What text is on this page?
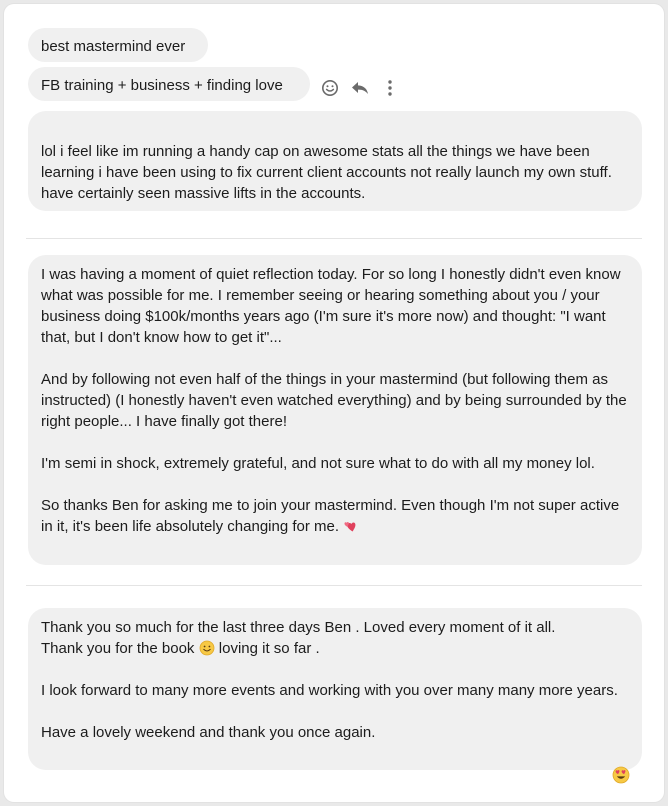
best mastermind ever
FB training + business + finding love

lol i feel like im running a handy cap on awesome stats all the things we have been learning i have been using to fix current client accounts not really launch my own stuff.
have certainly seen massive lifts in the accounts.

I was having a moment of quiet reflection today. For so long I honestly didn't even know what was possible for me. I remember seeing or hearing something about you / your business doing $100k/months years ago (I'm sure it's more now) and thought: "I want that, but I don't know how to get it"...
And by following not even half of the things in your mastermind (but following them as instructed) (I honestly haven't even watched everything) and by being surrounded by the right people... I have finally got there!
I'm semi in shock, extremely grateful, and not sure what to do with all my money lol.
So thanks Ben for asking me to join your mastermind. Even though I'm not super active in it, it's been life absolutely changing for me.
Thank you so much for the last three days Ben . Loved every moment of it all.
Thank you for the book loving it so far .
I look forward to many more events and working with you over many many more years.
Have a lovely weekend and thank you once again.
